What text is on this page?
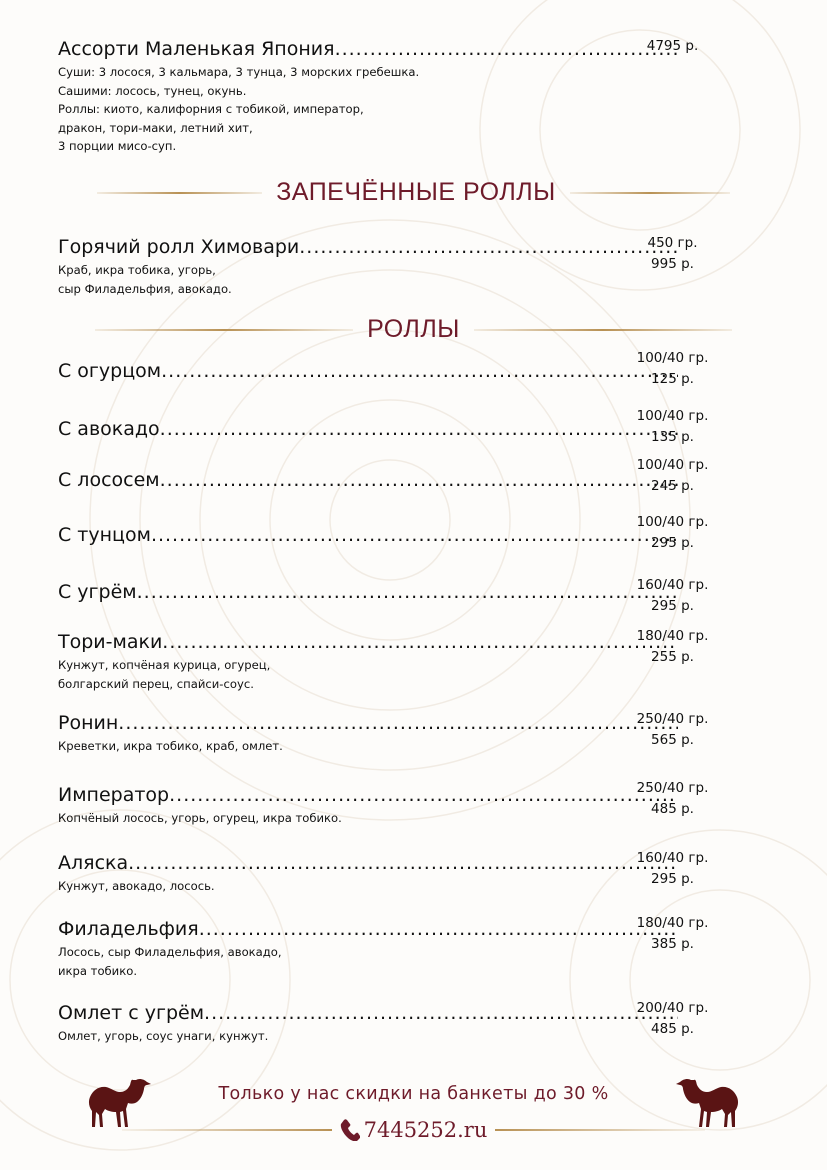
Ассорти Маленькая Япония
.....
Суши: 3 лосося, 3 кальмара, 3 тунца, 3 морских гребешка.
Сашими: лосось, тунец, окунь.
Роллы: киото, калифорния с тобикой, император,
дракон, тори-маки, летний хит,
3 порции мисо-суп.
4795 р.
ЗАПЕЧЁННЫЕ РОЛЛЫ
Горячий ролл Химовари
.....
Краб, икра тобика, угорь,
сыр Филадельфия, авокадо.
450 гр.
995 р.
РОЛЛЫ
С огурцом
.....
100/40 гр.
125 р.
С авокадо
.....
100/40 гр.
135 р.
С лососем
.....
100/40 гр.
245 р.
С тунцом
.....
100/40 гр.
295 р.
С угрём
.....	160/40 гр.
295 р.
Тори-маки
.....
Кунжут, копчёная курица, огурец,
болгарский перец, спайси-соус.
180/40 гр.
255 р.
Ронин
.....
Креветки, икра тобико, краб, омлет.
250/40 гр.
565 р.
Император
.....
Копчёный лосось, угорь, огурец, икра тобико.
250/40 гр.
485 р.
Аляска
.....
Кунжут, авокадо, лосось.
160/40 гр.
295 р.
Филадельфия
.....
Лосось, сыр Филадельфия, авокадо,
икра тобико.
180/40 гр.
385 р.
Омлет с угрём
.....
Омлет, угорь, соус унаги, кунжут.
200/40 гр.
485 р.
Только у нас скидки на банкеты до 30 %
7445252.ru
